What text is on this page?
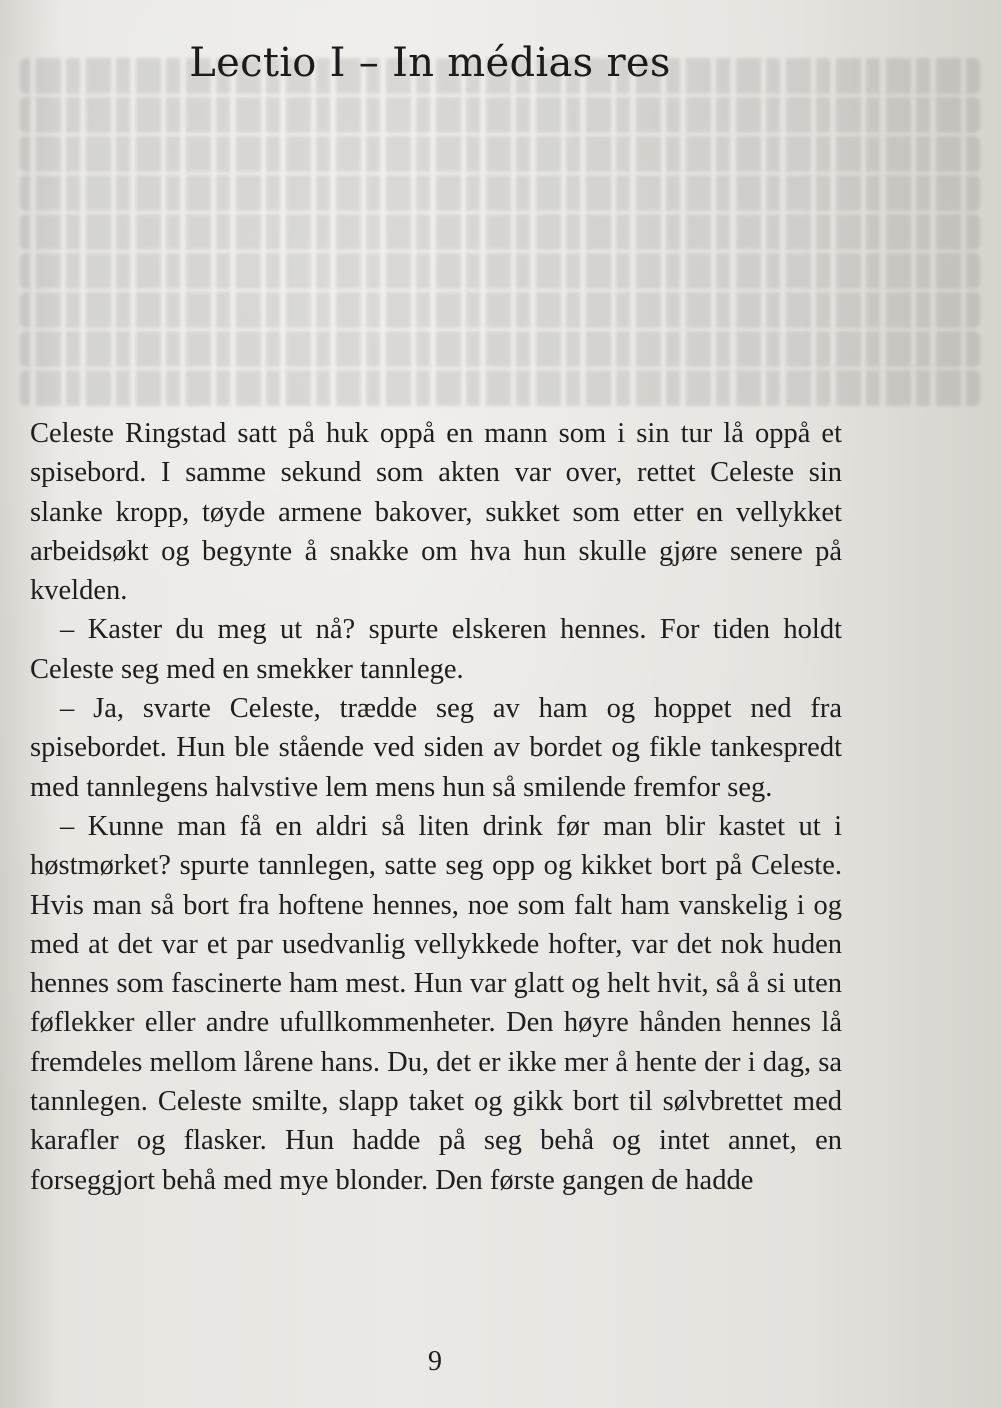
Lectio I – In médias res

Celeste Ringstad satt på huk oppå en mann som i sin tur lå oppå et spisebord. I samme sekund som akten var over, rettet Celeste sin slanke kropp, tøyde armene bakover, sukket som etter en vellykket arbeidsøkt og begynte å snakke om hva hun skulle gjøre senere på kvelden.

– Kaster du meg ut nå? spurte elskeren hennes. For tiden holdt Celeste seg med en smekker tannlege.

– Ja, svarte Celeste, trædde seg av ham og hoppet ned fra spisebordet. Hun ble stående ved siden av bordet og fikle tankespredt med tannlegens halvstive lem mens hun så smilende fremfor seg.

– Kunne man få en aldri så liten drink før man blir kastet ut i høstmørket? spurte tannlegen, satte seg opp og kikket bort på Celeste. Hvis man så bort fra hoftene hennes, noe som falt ham vanskelig i og med at det var et par usedvanlig vellykkede hofter, var det nok huden hennes som fascinerte ham mest. Hun var glatt og helt hvit, så å si uten føflekker eller andre ufullkommenheter. Den høyre hånden hennes lå fremdeles mellom lårene hans. Du, det er ikke mer å hente der i dag, sa tannlegen. Celeste smilte, slapp taket og gikk bort til sølvbrettet med karafler og flasker. Hun hadde på seg behå og intet annet, en forseggjort behå med mye blonder. Den første gangen de hadde

9
